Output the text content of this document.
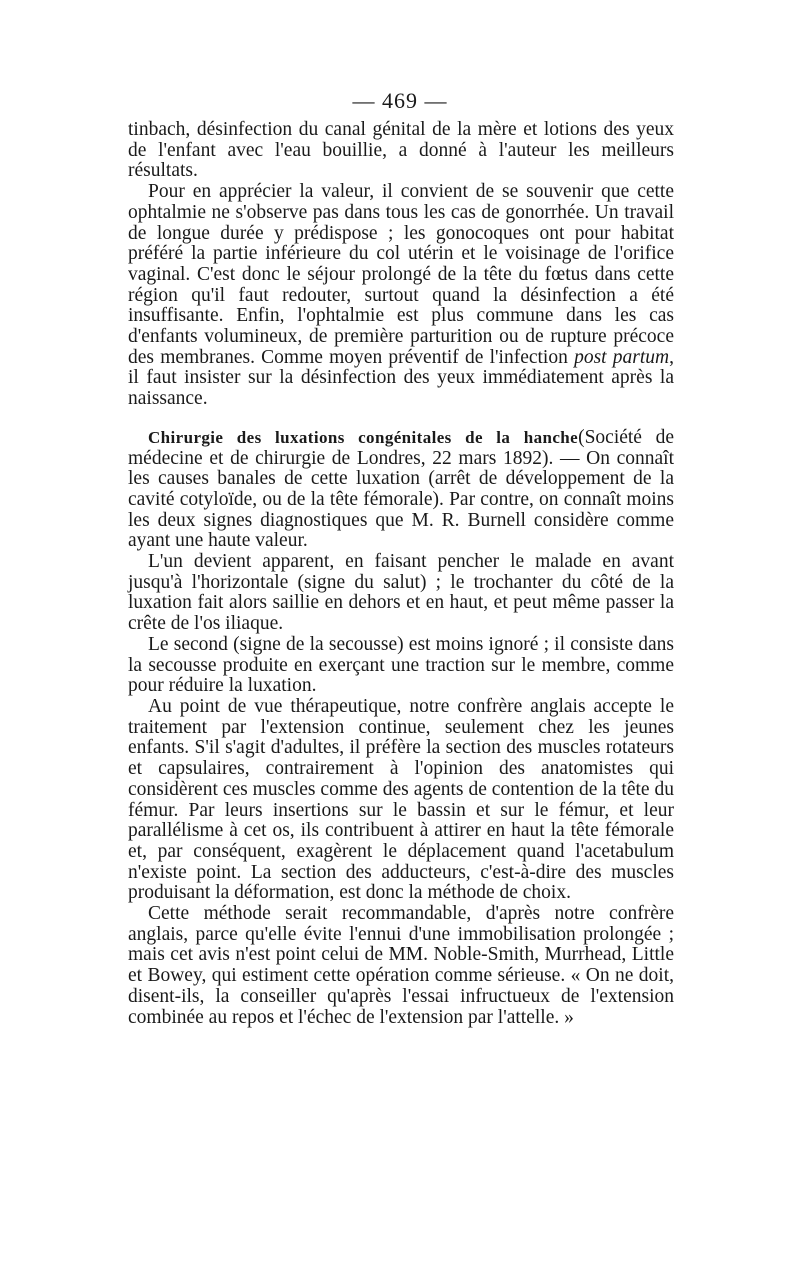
— 469 —

tinbach, désinfection du canal génital de la mère et lotions des yeux de l'enfant avec l'eau bouillie, a donné à l'auteur les meilleurs résultats.

Pour en apprécier la valeur, il convient de se souvenir que cette ophtalmie ne s'observe pas dans tous les cas de gonorrhée. Un travail de longue durée y prédispose ; les gonocoques ont pour habitat préféré la partie inférieure du col utérin et le voisinage de l'orifice vaginal. C'est donc le séjour prolongé de la tête du fœtus dans cette région qu'il faut redouter, surtout quand la désinfection a été insuffisante. Enfin, l'ophtalmie est plus commune dans les cas d'enfants volumineux, de première parturition ou de rupture précoce des membranes. Comme moyen préventif de l'infection post partum, il faut insister sur la désinfection des yeux immédiatement après la naissance.

Chirurgie des luxations congénitales de la hanche(Société de médecine et de chirurgie de Londres, 22 mars 1892). — On connaît les causes banales de cette luxation (arrêt de développement de la cavité cotyloïde, ou de la tête fémorale). Par contre, on connaît moins les deux signes diagnostiques que M. R. Burnell considère comme ayant une haute valeur.

L'un devient apparent, en faisant pencher le malade en avant jusqu'à l'horizontale (signe du salut) ; le trochanter du côté de la luxation fait alors saillie en dehors et en haut, et peut même passer la crête de l'os iliaque.

Le second (signe de la secousse) est moins ignoré ; il consiste dans la secousse produite en exerçant une traction sur le membre, comme pour réduire la luxation.

Au point de vue thérapeutique, notre confrère anglais accepte le traitement par l'extension continue, seulement chez les jeunes enfants. S'il s'agit d'adultes, il préfère la section des muscles rotateurs et capsulaires, contrairement à l'opinion des anatomistes qui considèrent ces muscles comme des agents de contention de la tête du fémur. Par leurs insertions sur le bassin et sur le fémur, et leur parallélisme à cet os, ils contribuent à attirer en haut la tête fémorale et, par conséquent, exagèrent le déplacement quand l'acetabulum n'existe point. La section des adducteurs, c'est-à-dire des muscles produisant la déformation, est donc la méthode de choix.

Cette méthode serait recommandable, d'après notre confrère anglais, parce qu'elle évite l'ennui d'une immobilisation prolongée ; mais cet avis n'est point celui de MM. Noble-Smith, Murrhead, Little et Bowey, qui estiment cette opération comme sérieuse. « On ne doit, disent-ils, la conseiller qu'après l'essai infructueux de l'extension combinée au repos et l'échec de l'extension par l'attelle. »
